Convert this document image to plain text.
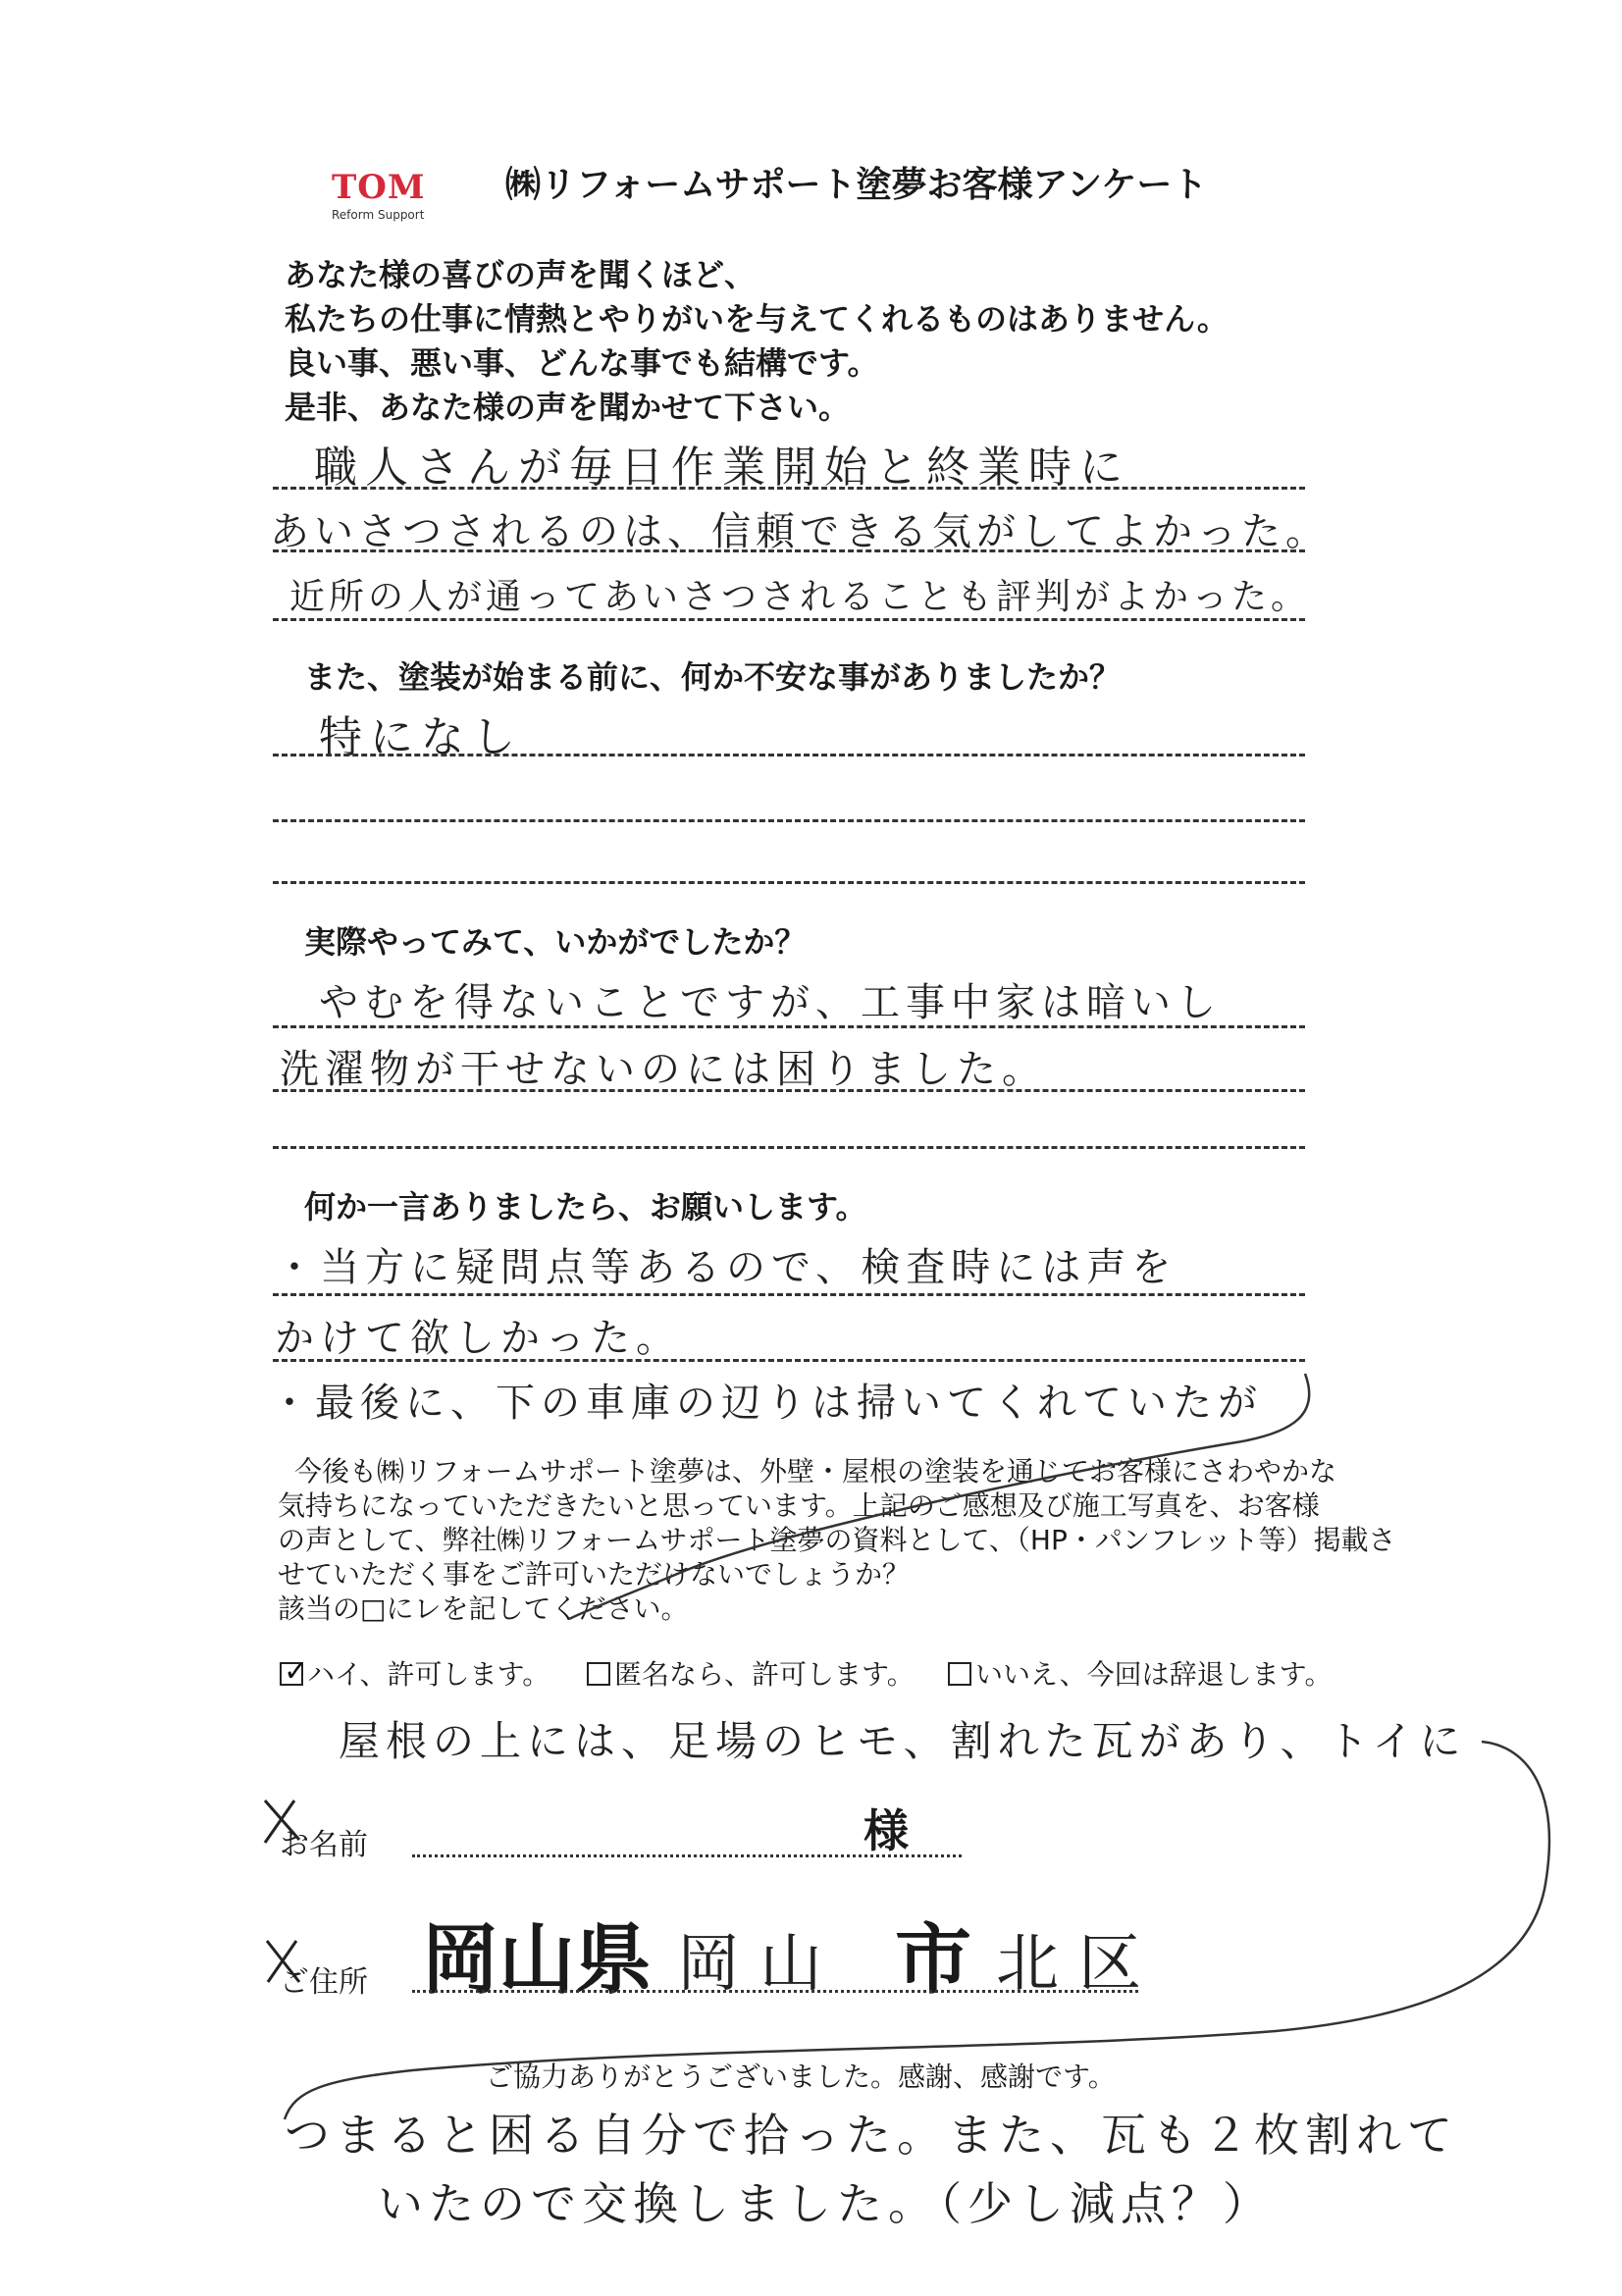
TOM
Reform Support
㈱リフォームサポート塗夢お客様アンケート
あなた様の喜びの声を聞くほど、
私たちの仕事に情熱とやりがいを与えてくれるものはありません。
良い事、悪い事、どんな事でも結構です。
是非、あなた様の声を聞かせて下さい。
職人さんが毎日作業開始と終業時に
あいさつされるのは、信頼できる気がしてよかった。
近所の人が通ってあいさつされることも評判がよかった。
また、塗装が始まる前に、何か不安な事がありましたか？
特になし
実際やってみて、いかがでしたか？
やむを得ないことですが、工事中家は暗いし
洗濯物が干せないのには困りました。
何か一言ありましたら、お願いします。
・当方に疑問点等あるので、検査時には声を
かけて欲しかった。
・最後に、下の車庫の辺りは掃いてくれていたが
今後も㈱リフォームサポート塗夢は、外壁・屋根の塗装を通じてお客様にさわやかな
気持ちになっていただきたいと思っています。上記のご感想及び施工写真を、お客様
の声として、弊社㈱リフォームサポート塗夢の資料として、（HP・パンフレット等）掲載さ
せていただく事をご許可いただけないでしょうか？
該当の□にレを記してください。
✓
ハイ、許可します。	匿名なら、許可します。	いいえ、今回は辞退します。
屋根の上には、足場のヒモ、割れた瓦があり、トイに
お名前	様
ご住所 岡山県 岡山 市 北区
ご協力ありがとうございました。感謝、感謝です。
つまると困る自分で拾った。また、瓦も２枚割れて
いたので交換しました。（少し減点？）
